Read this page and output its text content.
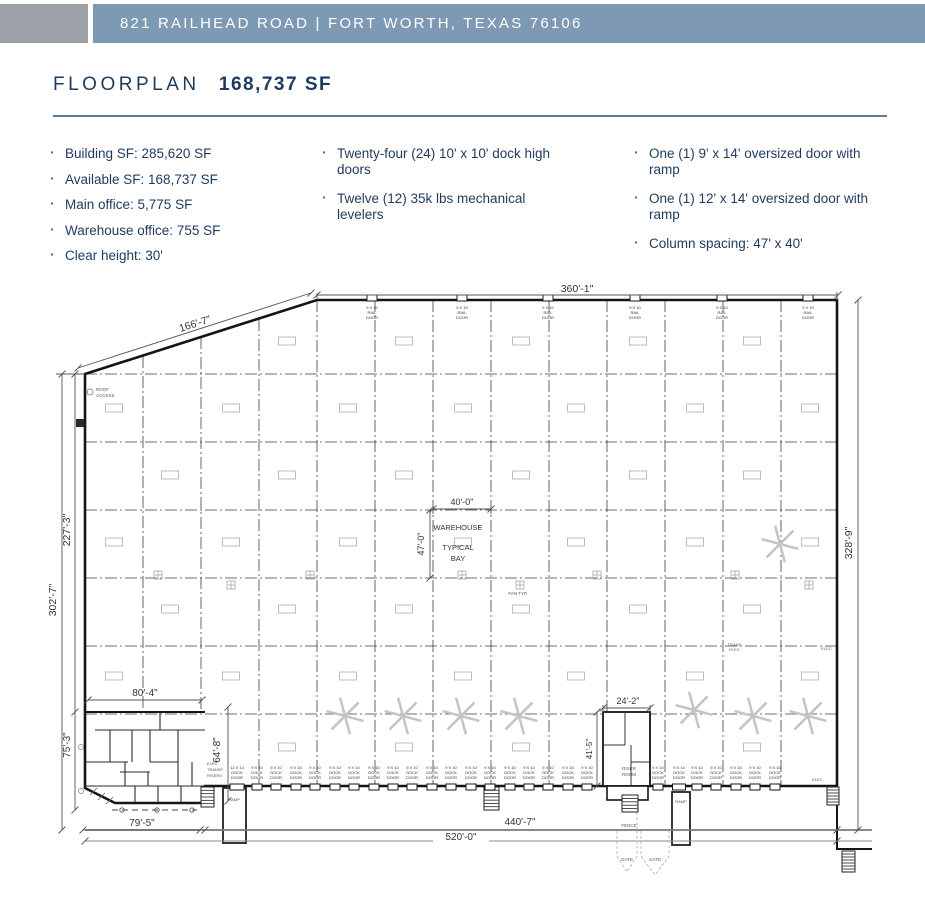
821 RAILHEAD ROAD | FORT WORTH, TEXAS 76106
FLOORPLAN 168,737 SF
· Building SF: 285,620 SF
· Available SF: 168,737 SF
· Main office: 5,775 SF
· Warehouse office: 755 SF
· Clear height: 30'
· Twenty-four (24) 10' x 10' dock high doors
· Twelve (12) 35k lbs mechanical levelers
· One (1) 9' x 14' oversized door with ramp
· One (1) 12' x 14' oversized door with ramp
· Column spacing: 47' x 40'
9 X 10
RAIL
DOOR
9 X 10
RAIL
DOOR
9 X 10
RAIL
DOOR
9 X 10
RAIL
DOOR
9 X 10
RAIL
DOOR
9 X 10
RAIL
DOOR
12 X 14
DOCK
DOOR
9 X 10
DOCK
DOOR
9 X 10
DOCK
DOOR
9 X 10
DOCK
DOOR
9 X 10
DOCK
DOOR
9 X 10
DOCK
DOOR
9 X 10
DOCK
DOOR
9 X 10
DOCK
DOOR
9 X 10
DOCK
DOOR
9 X 10
DOCK
DOOR
9 X 10
DOCK
DOOR
9 X 10
DOCK
DOOR
9 X 10
DOCK
DOOR
9 X 10
DOCK
DOOR
9 X 10
DOCK
DOOR
9 X 10
DOCK
DOOR
9 X 10
DOCK
DOOR
9 X 10
DOCK
DOOR
9 X 10
DOCK
DOOR
9 X 14
DOCK
DOOR
9 X 10
DOCK
DOOR
9 X 10
DOCK
DOOR
9 X 10
DOCK
DOOR
9 X 10
DOCK
DOOR
9 X 10
DOCK
DOOR
9 X 10
DOCK
DOOR
360'-1"
166'-7"
328'-9"
302'-7"
227'-3"
75'-3"
80'-4"
79'-5"
64'-8"
520'-0"
440'-7"
24'-2"
41'-5"
40'-0"
47'-0"
WAREHOUSE
TYPICAL
BAY
ROOF
ACCESS
FAN TYP.
RISER
ROOM
RAMP	RAMP
FENCE
GATE	GATE
TRANS.
ELEC.	ELEC.
ELEC.
ELEC.
TRANSF.
RISERS
